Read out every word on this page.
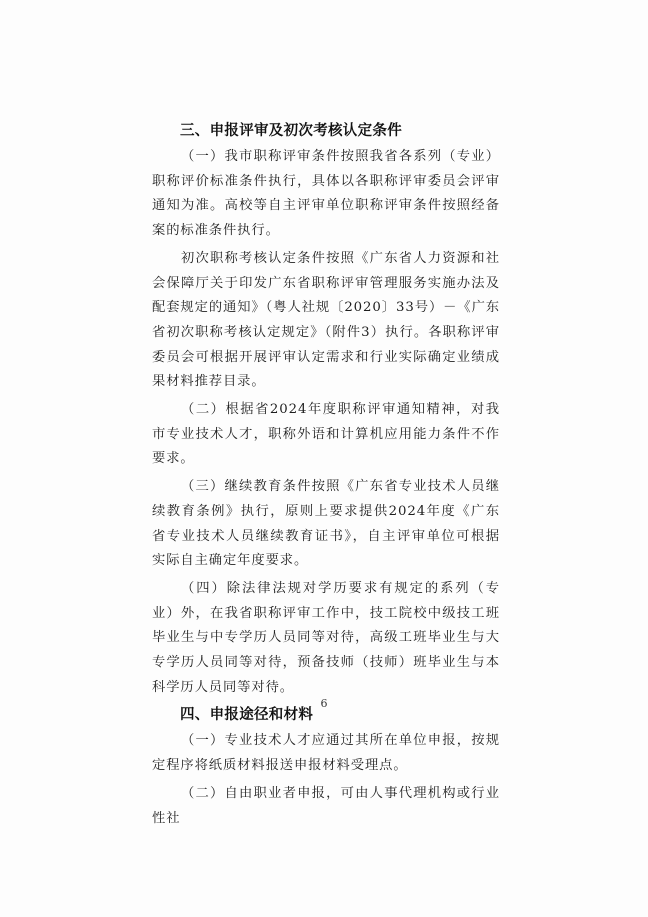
三、申报评审及初次考核认定条件

（一）我市职称评审条件按照我省各系列（专业）职称评价标准条件执行，具体以各职称评审委员会评审通知为准。高校等自主评审单位职称评审条件按照经备案的标准条件执行。

初次职称考核认定条件按照《广东省人力资源和社会保障厅关于印发广东省职称评审管理服务实施办法及配套规定的通知》（粤人社规〔2020〕33号）－《广东省初次职称考核认定规定》（附件3）执行。各职称评审委员会可根据开展评审认定需求和行业实际确定业绩成果材料推荐目录。

（二）根据省2024年度职称评审通知精神，对我市专业技术人才，职称外语和计算机应用能力条件不作要求。

（三）继续教育条件按照《广东省专业技术人员继续教育条例》执行，原则上要求提供2024年度《广东省专业技术人员继续教育证书》，自主评审单位可根据实际自主确定年度要求。

（四）除法律法规对学历要求有规定的系列（专业）外，在我省职称评审工作中，技工院校中级技工班毕业生与中专学历人员同等对待，高级工班毕业生与大专学历人员同等对待，预备技师（技师）班毕业生与本科学历人员同等对待。

四、申报途径和材料

（一）专业技术人才应通过其所在单位申报，按规定程序将纸质材料报送申报材料受理点。

（二）自由职业者申报，可由人事代理机构或行业性社

6
